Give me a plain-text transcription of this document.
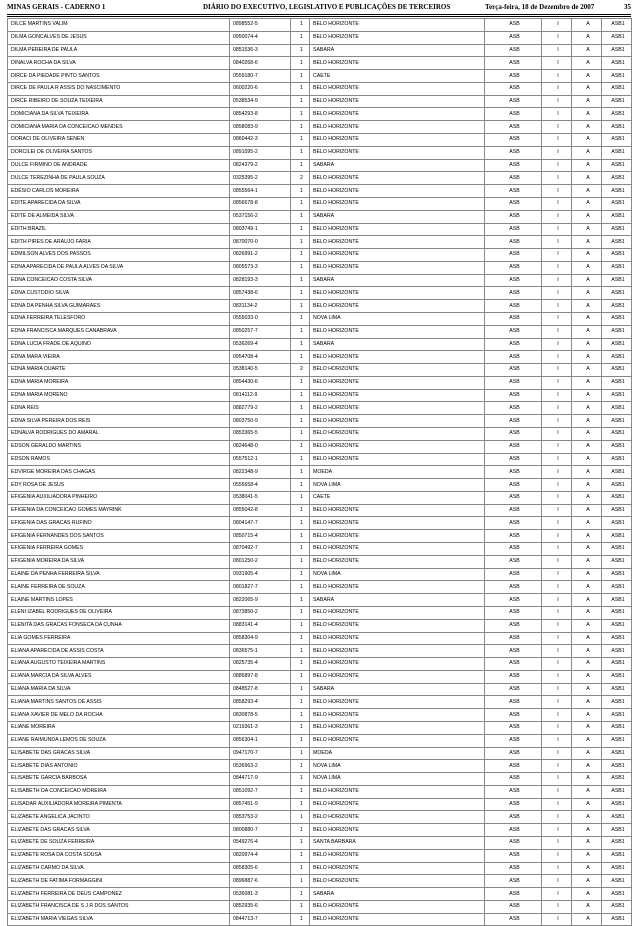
MINAS GERAIS - CADERNO 1	DIÁRIO DO EXECUTIVO, LEGISLATIVO E PUBLICAÇÕES DE TERCEIROS	Terça-feira, 18 de Dezembro de 2007	35
DILCE MARTINS VALIM	0898552-5	1	BELO HORIZONTE	ASB	I	A	ASB1
DILMA GONCALVES DE JESUS	0950074-4	1	BELO HORIZONTE	ASB	I	A	ASB1
DILMA PEREIRA DE PAULA	0851536-3	1	SABARA	ASB	I	A	ASB1
DINALVA ROCHA DA SILVA	0840268-6	1	BELO HORIZONTE	ASB	I	A	ASB1
DIRCE DA PIEDADE PINTO SANTOS	0559180-7	1	CAETE	ASB	I	A	ASB1
DIRCE DE PAULA R ASSIS DO NASCIMENTO	0600220-6	1	BELO HORIZONTE	ASB	I	A	ASB1
DIRCE RIBEIRO DE SOUZA TEIXEIRA	0538534-9	1	BELO HORIZONTE	ASB	I	A	ASB1
DOMICIANA DA SILVA TEIXEIRA	0854293-8	1	BELO HORIZONTE	ASB	I	A	ASB1
DOMICIANA MARIA DA CONCEICAO MENDES	0858083-9	1	BELO HORIZONTE	ASB	I	A	ASB1
DORACI DE OLIVEIRA SENEN	0860442-3	1	BELO HORIZONTE	ASB	I	A	ASB1
DORCILEI DE OLIVEIRA SANTOS	0891095-2	1	BELO HORIZONTE	ASB	I	A	ASB1
DULCE FIRMINO DE ANDRADE	0824379-2	1	SABARA	ASB	I	A	ASB1
DULCE TEREZINHA DE PAULA SOUZA	0325395-2	2	BELO HORIZONTE	ASB	I	A	ASB1
EDÉSIO CARLOS MOREIRA	0855564-1	1	BELO HORIZONTE	ASB	I	A	ASB1
EDITE APARECIDA DA SILVA	0856678-8	1	BELO HORIZONTE	ASB	I	A	ASB1
EDITE DE ALMEIDA SILVA	0537156-2	1	SABARA	ASB	I	A	ASB1
EDITH BRAZIL	0803749-1	1	BELO HORIZONTE	ASB	I	A	ASB1
EDITH PIRES DE ARAUJO FARIA	0870070-0	1	BELO HORIZONTE	ASB	I	A	ASB1
EDMILSON ALVES DOS PASSOS	0826991-2	1	BELO HORIZONTE	ASB	I	A	ASB1
EDNA APARECIDA DE PAULA ALVES DA SILVA	0805573-3	1	BELO HORIZONTE	ASB	I	A	ASB1
EDNA CONCEICAO COSTA SILVA	0828193-3	1	SABARA	ASB	I	A	ASB1
EDNA CUSTODIO SILVA	0857438-6	1	BELO HORIZONTE	ASB	I	A	ASB1
EDNA DA PENHA SILVA GUIMARAES	0831134-2	1	BELO HORIZONTE	ASB	I	A	ASB1
EDNA FERREIRA TELESFORO	0555033-0	1	NOVA LIMA	ASB	I	A	ASB1
EDNA FRANCISCA MARQUES CANABRAVA	0850257-7	1	BELO HORIZONTE	ASB	I	A	ASB1
EDNA LUCIA FRADE DE AQUINO	0536269-4	1	SABARA	ASB	I	A	ASB1
EDNA MARA VIEIRA	0954708-4	1	BELO HORIZONTE	ASB	I	A	ASB1
EDNA MARIA DUARTE	0538140-5	2	BELO HORIZONTE	ASB	I	A	ASB1
EDNA MARIA MOREIRA	0854430-6	1	BELO HORIZONTE	ASB	I	A	ASB1
EDNA MARIA MORENO	0814112-9	1	BELO HORIZONTE	ASB	I	A	ASB1
EDNA REIS	0882779-2	1	BELO HORIZONTE	ASB	I	A	ASB1
EDNA SILVA PEREIRA DOS REIS	0803750-9	1	BELO HORIZONTE	ASB	I	A	ASB1
EDNALVA RODRIGUES DO AMARAL	0853365-5	1	BELO HORIZONTE	ASB	I	A	ASB1
EDSON GERALDO MARTINS	0824648-0	1	BELO HORIZONTE	ASB	I	A	ASB1
EDSON RAMOS	0557512-1	1	BELO HORIZONTE	ASB	I	A	ASB1
EDVIRGE MOREIRA DAS CHAGAS	0822348-9	1	MOEDA	ASB	I	A	ASB1
EDY ROSA DE JESUS	0555658-4	1	NOVA LIMA	ASB	I	A	ASB1
EFIGENIA AUXILIADORA PINHEIRO	0538041-5	1	CAETE	ASB	I	A	ASB1
EFIGENIA DA CONCEICAO GOMES MAYRINK	0855042-8	1	BELO HORIZONTE	ASB	I	A	ASB1
EFIGENIA DAS GRACAS RUFINO	0804147-7	1	BELO HORIZONTE	ASB	I	A	ASB1
EFIGENIA FERNANDES DOS SANTOS	0850715-4	1	BELO HORIZONTE	ASB	I	A	ASB1
EFIGENIA FERREIRA GOMES	0870492-7	1	BELO HORIZONTE	ASB	I	A	ASB1
EFIGENIA MOREIRA DA SILVA	0801250-2	1	BELO HORIZONTE	ASB	I	A	ASB1
ELAINE DA PENHA FERREIRA SILVA	0931905-4	1	NOVA LIMA	ASB	I	A	ASB1
ELAINE FERREIRA DE SOUZA	0801827-7	1	BELO HORIZONTE	ASB	I	A	ASB1
ELAINE MARTINS LOPES	0822065-9	1	SABARA	ASB	I	A	ASB1
ELENI IZABEL RODRIGUES DE OLIVEIRA	0873850-2	1	BELO HORIZONTE	ASB	I	A	ASB1
ELENITA DAS GRACAS FONSECA DA CUNHA	0883141-4	1	BELO HORIZONTE	ASB	I	A	ASB1
ELIA GOMES FERREIRA	0858304-9	1	BELO HORIZONTE	ASB	I	A	ASB1
ELIANA APARECIDA DE ASSIS COSTA	0836575-1	1	BELO HORIZONTE	ASB	I	A	ASB1
ELIANA AUGUSTO TEIXEIRA MARTINS	0825735-4	1	BELO HORIZONTE	ASB	I	A	ASB1
ELIANA MARCIA DA SILVA ALVES	0886897-8	1	BELO HORIZONTE	ASB	I	A	ASB1
ELIANA MARIA DA SILVA	0848527-8	1	SABARA	ASB	I	A	ASB1
ELIANA MARTINS SANTOS DE ASSIS	0858293-4	1	BELO HORIZONTE	ASB	I	A	ASB1
ELIANA XAVIER DE MELO DA ROCHA	0830878-5	1	BELO HORIZONTE	ASB	I	A	ASB1
ELIANE MOREIRA	0219361-3	1	BELO HORIZONTE	ASB	I	A	ASB1
ELIANE RAIMUNDA LEMOS DE SOUZA	0856304-1	1	BELO HORIZONTE	ASB	I	A	ASB1
ELISABETE DAS GRACAS SILVA	0947170-7	1	MOEDA	ASB	I	A	ASB1
ELISABETE DIAS ANTONIO	0536963-2	1	NOVA LIMA	ASB	I	A	ASB1
ELISABETE GARCIA BARBOSA	0844717-9	1	NOVA LIMA	ASB	I	A	ASB1
ELISABETH DA CONCEICAO MOREIRA	0851092-7	1	BELO HORIZONTE	ASB	I	A	ASB1
ELISADAR AUXILIADORA MOREIRA PIMENTA	0857451-9	1	BELO HORIZONTE	ASB	I	A	ASB1
ELIZABETE ANGELICA JACINTO	0853753-2	1	BELO HORIZONTE	ASB	I	A	ASB1
ELIZABETE DAS GRACAS SILVA	0800880-7	1	BELO HORIZONTE	ASB	I	A	ASB1
ELIZABETE DE SOUZA FERREIRA	0549276-4	1	SANTA BARBARA	ASB	I	A	ASB1
ELIZABETE ROSA DA COSTA SOUSA	0820974-4	1	BELO HORIZONTE	ASB	I	A	ASB1
ELIZABETH CARMO DA SILVA	0858305-6	1	BELO HORIZONTE	ASB	I	A	ASB1
ELIZABETH DE FATIMA FORMAGGINI	0896887-6	1	BELO HORIZONTE	ASB	I	A	ASB1
ELIZABETH FERREIRA DE DEUS CAMPONEZ	0536081-3	1	SABARA	ASB	I	A	ASB1
ELIZABETH FRANCISCA DE S J R DOS SANTOS	0852935-6	1	BELO HORIZONTE	ASB	I	A	ASB1
ELIZABETH MARIA VIEGAS SILVA	0844713-7	1	BELO HORIZONTE	ASB	I	A	ASB1
